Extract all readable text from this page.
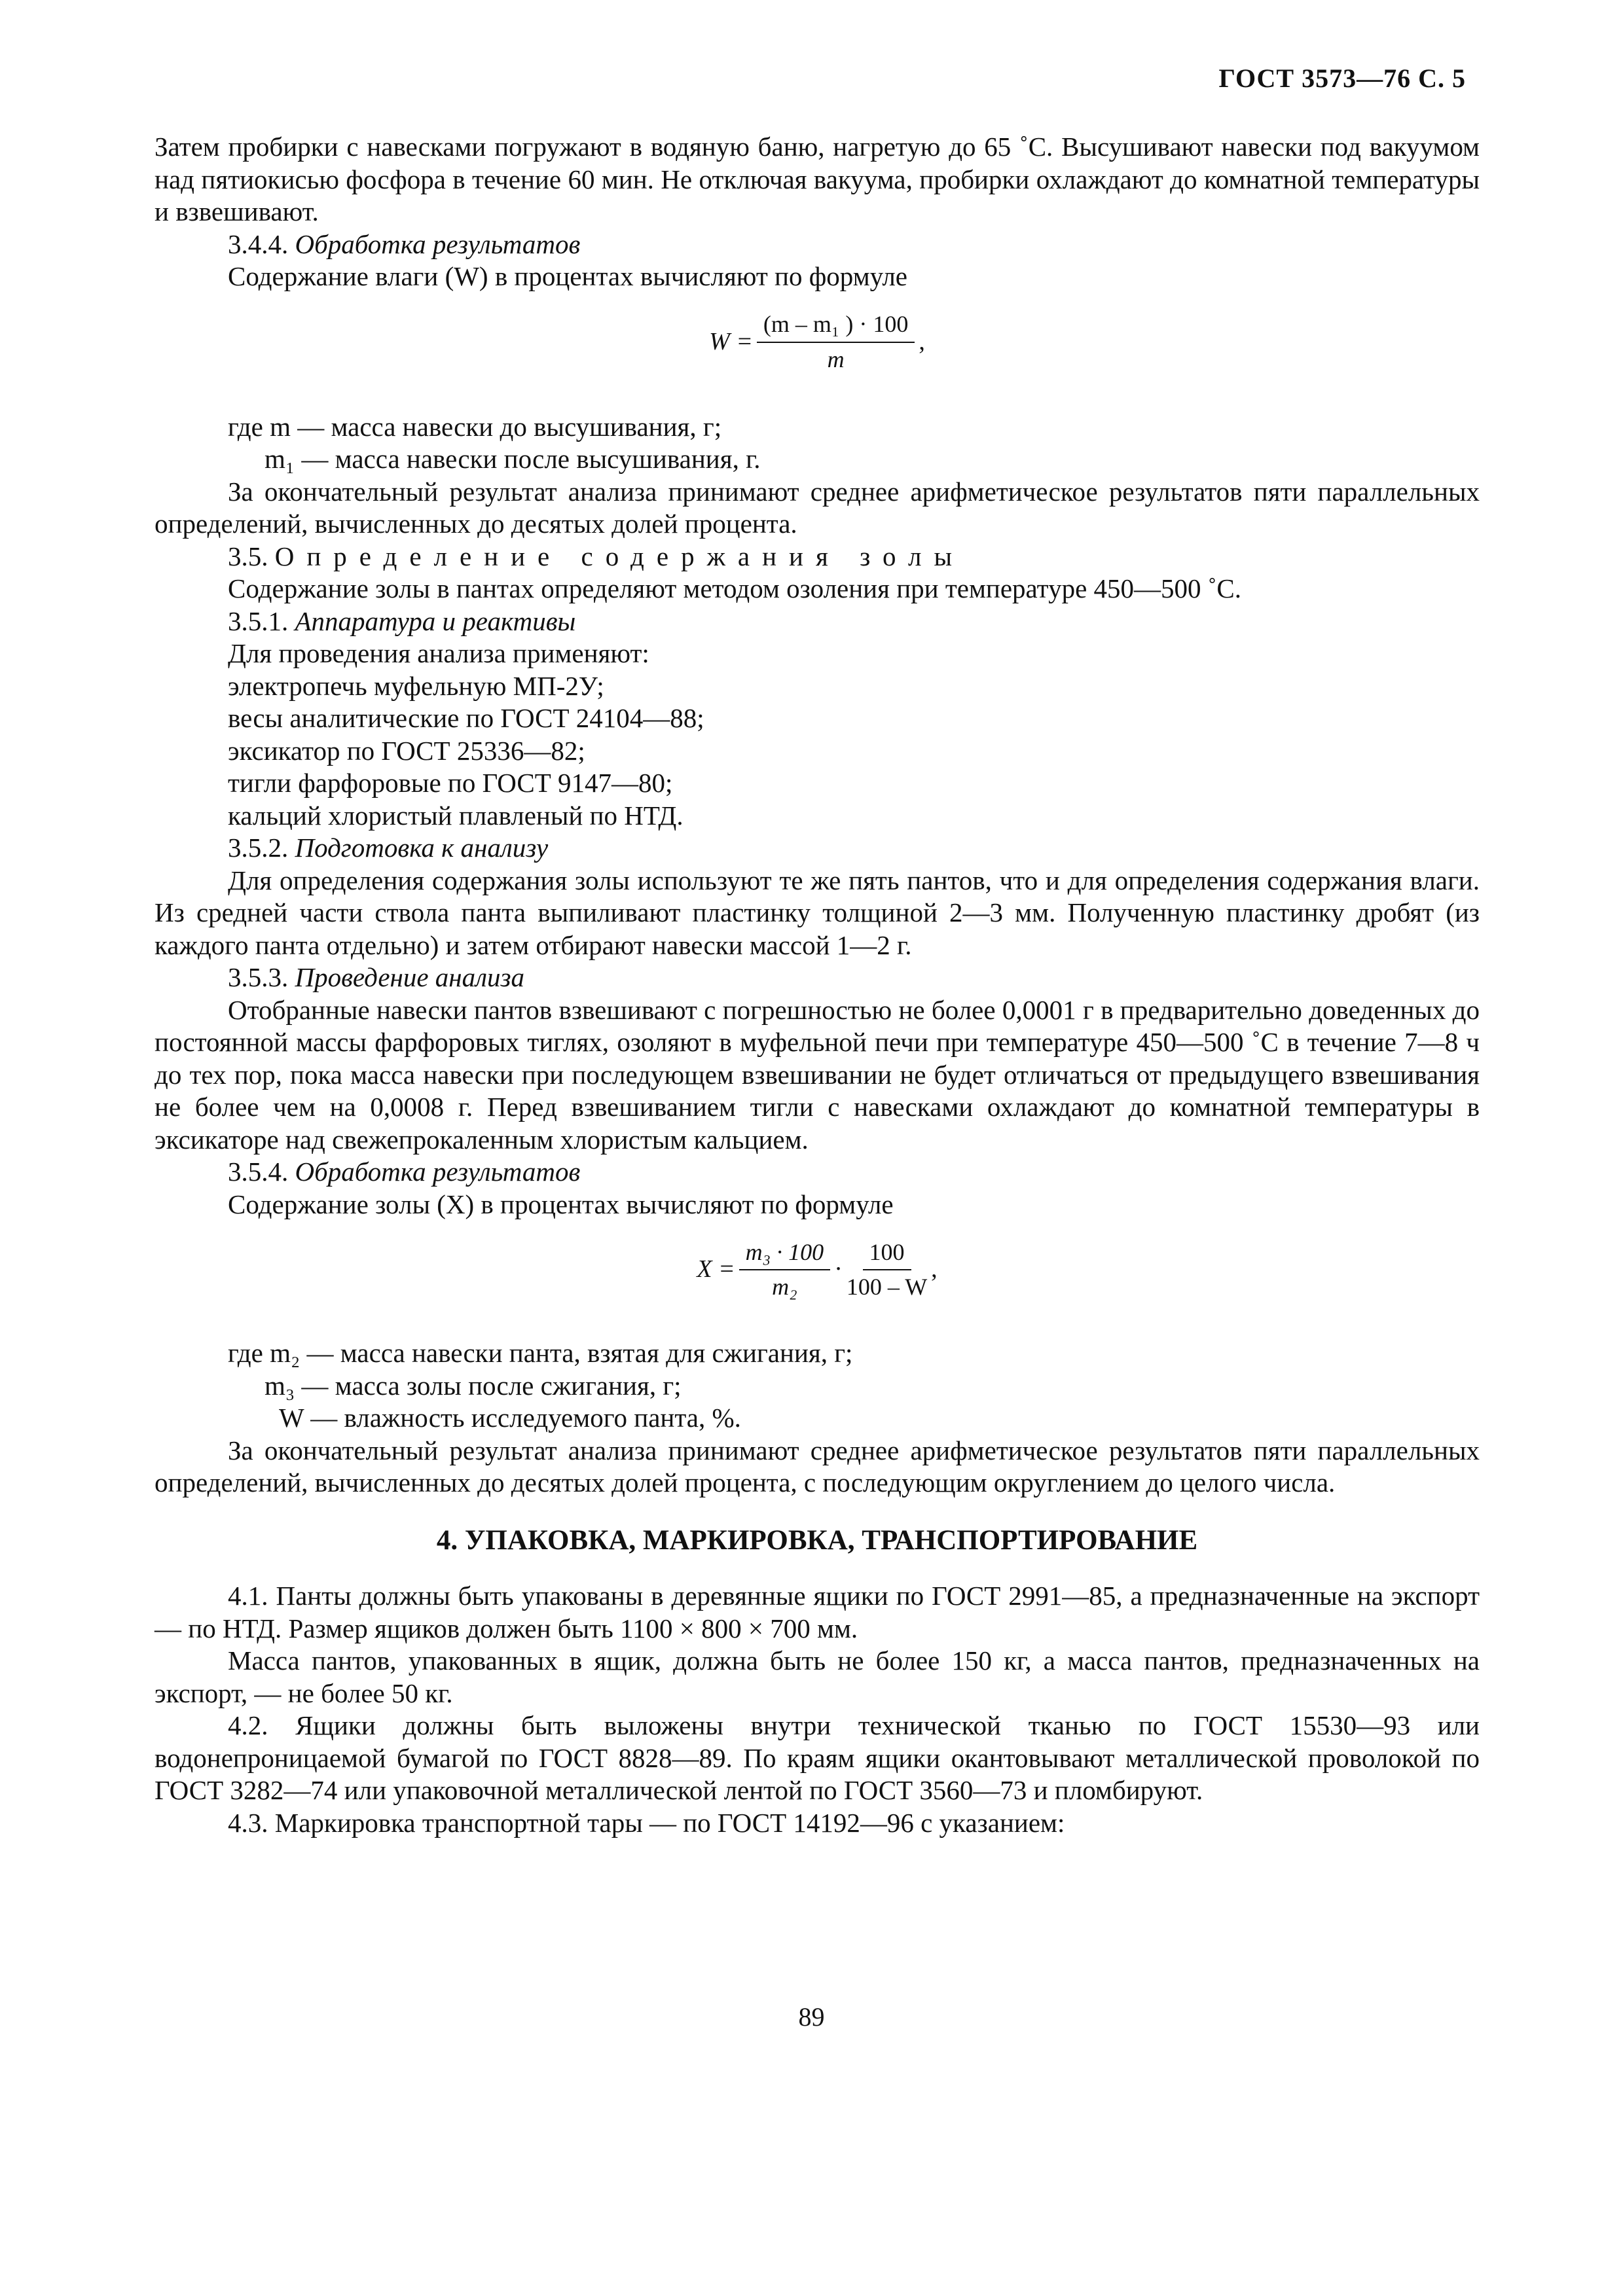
ГОСТ 3573—76 С. 5

Затем пробирки с навесками погружают в водяную баню, нагретую до 65 ˚С. Высушивают навески под вакуумом над пятиокисью фосфора в течение 60 мин. Не отключая вакуума, пробирки охлаждают до комнатной температуры и взвешивают.

3.4.4. Обработка результатов

Содержание влаги (W) в процентах вычисляют по формуле

$W = \frac{\text{(m – m₁ ) · 100}}{m}$ ,

где m — масса навески до высушивания, г;

m₁ — масса навески после высушивания, г.

За окончательный результат анализа принимают среднее арифметическое результатов пяти параллельных определений, вычисленных до десятых долей процента.

3.5. Определение содержания золы

Содержание золы в пантах определяют методом озоления при температуре 450—500 ˚С.

3.5.1. Аппаратура и реактивы

Для проведения анализа применяют:

электропечь муфельную МП-2У;

весы аналитические по ГОСТ 24104—88;

эксикатор по ГОСТ 25336—82;

тигли фарфоровые по ГОСТ 9147—80;

кальций хлористый плавленый по НТД.

3.5.2. Подготовка к анализу

Для определения содержания золы используют те же пять пантов, что и для определения содержания влаги. Из средней части ствола панта выпиливают пластинку толщиной 2—3 мм. Полученную пластинку дробят (из каждого панта отдельно) и затем отбирают навески массой 1—2 г.

3.5.3. Проведение анализа

Отобранные навески пантов взвешивают с погрешностью не более 0,0001 г в предварительно доведенных до постоянной массы фарфоровых тиглях, озоляют в муфельной печи при температуре 450—500 ˚С в течение 7—8 ч до тех пор, пока масса навески при последующем взвешивании не будет отличаться от предыдущего взвешивания не более чем на 0,0008 г. Перед взвешиванием тигли с навесками охлаждают до комнатной температуры в эксикаторе над свежепрокаленным хлористым кальцием.

3.5.4. Обработка результатов

Содержание золы (X) в процентах вычисляют по формуле

$X = \frac{\text{m₃ · 100}}{\text{m₂}} \cdot \frac{100}{100 - W}$ ,

где m₂ — масса навески панта, взятая для сжигания, г;

m₃ — масса золы после сжигания, г;

W — влажность исследуемого панта, %.

За окончательный результат анализа принимают среднее арифметическое результатов пяти параллельных определений, вычисленных до десятых долей процента, с последующим округлением до целого числа.

4. УПАКОВКА, МАРКИРОВКА, ТРАНСПОРТИРОВАНИЕ

4.1. Панты должны быть упакованы в деревянные ящики по ГОСТ 2991—85, а предназначенные на экспорт — по НТД. Размер ящиков должен быть 1100 × 800 × 700 мм.

Масса пантов, упакованных в ящик, должна быть не более 150 кг, а масса пантов, предназначенных на экспорт, — не более 50 кг.

4.2. Ящики должны быть выложены внутри технической тканью по ГОСТ 15530—93 или водонепроницаемой бумагой по ГОСТ 8828—89. По краям ящики окантовывают металлической проволокой по ГОСТ 3282—74 или упаковочной металлической лентой по ГОСТ 3560—73 и пломбируют.

4.3. Маркировка транспортной тары — по ГОСТ 14192—96 с указанием:

89
